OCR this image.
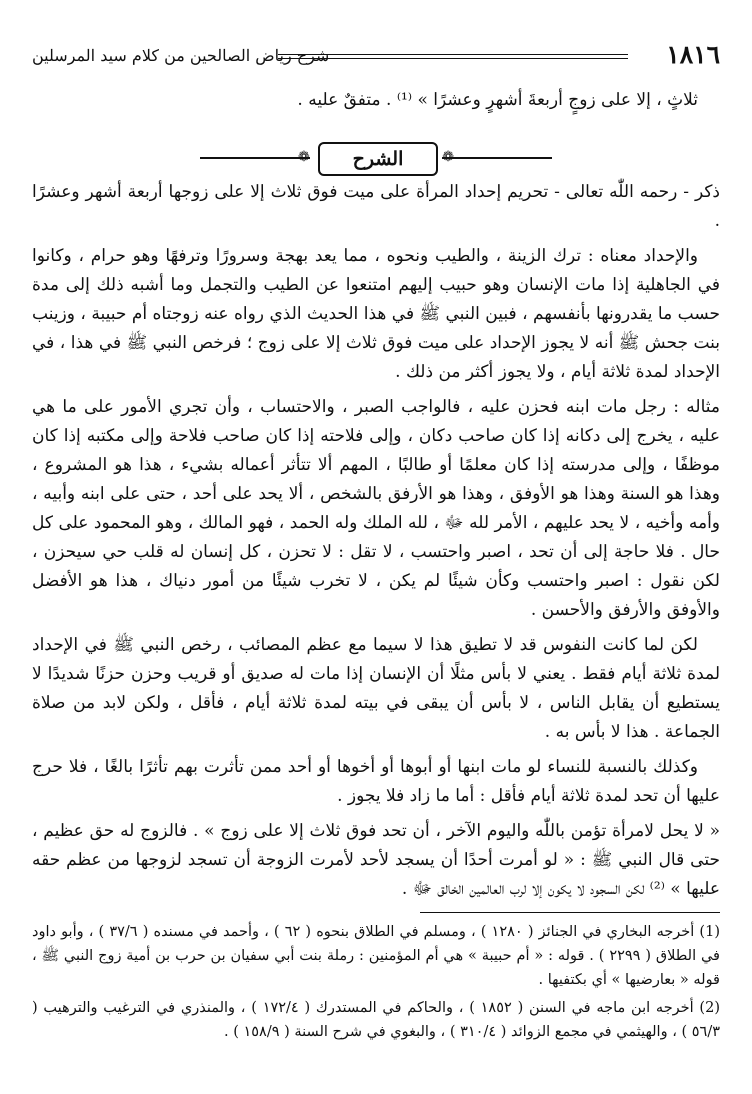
١٨١٦
شرح رياض الصالحين من كلام سيد المرسلين

ثلاثٍ ، إلا على زوجٍ أربعةَ أشهرٍ وعشرًا » ⁽¹⁾ . متفقٌ عليه .

❁	الشرح	❁

ذكر - رحمه اللّٰه تعالى - تحريم إحداد المرأة على ميت فوق ثلاث إلا على زوجها أربعة أشهر وعشرًا .

والإحداد معناه : ترك الزينة ، والطيب ونحوه ، مما يعد بهجة وسرورًا وترفهًا وهو حرام ، وكانوا في الجاهلية إذا مات الإنسان وهو حبيب إليهم امتنعوا عن الطيب والتجمل وما أشبه ذلك إلى مدة حسب ما يقدرونها بأنفسهم ، فبين النبي ﷺ في هذا الحديث الذي رواه عنه زوجتاه أم حبيبة ، وزينب بنت جحش ﷺ أنه لا يجوز الإحداد على ميت فوق ثلاث إلا على زوج ؛ فرخص النبي ﷺ في هذا ، في الإحداد لمدة ثلاثة أيام ، ولا يجوز أكثر من ذلك .

مثاله : رجل مات ابنه فحزن عليه ، فالواجب الصبر ، والاحتساب ، وأن تجري الأمور على ما هي عليه ، يخرج إلى دكانه إذا كان صاحب دكان ، وإلى فلاحته إذا كان صاحب فلاحة وإلى مكتبه إذا كان موظفًا ، وإلى مدرسته إذا كان معلمًا أو طالبًا ، المهم ألا تتأثر أعماله بشيء ، هذا هو المشروع ، وهذا هو السنة وهذا هو الأوفق ، وهذا هو الأرفق بالشخص ، ألا يحد على أحد ، حتى على ابنه وأبيه ، وأمه وأخيه ، لا يحد عليهم ، الأمر لله ﷻ ، لله الملك وله الحمد ، فهو المالك ، وهو المحمود على كل حال . فلا حاجة إلى أن تحد ، اصبر واحتسب ، لا تقل : لا تحزن ، كل إنسان له قلب حي سيحزن ، لكن نقول : اصبر واحتسب وكأن شيئًا لم يكن ، لا تخرب شيئًا من أمور دنياك ، هذا هو الأفضل والأوفق والأرفق والأحسن .

لكن لما كانت النفوس قد لا تطيق هذا لا سيما مع عظم المصائب ، رخص النبي ﷺ في الإحداد لمدة ثلاثة أيام فقط . يعني لا بأس مثلًا أن الإنسان إذا مات له صديق أو قريب وحزن حزنًا شديدًا لا يستطيع أن يقابل الناس ، لا بأس أن يبقى في بيته لمدة ثلاثة أيام ، فأقل ، ولكن لابد من صلاة الجماعة . هذا لا بأس به .

وكذلك بالنسبة للنساء لو مات ابنها أو أبوها أو أخوها أو أحد ممن تأثرت بهم تأثرًا بالغًا ، فلا حرج عليها أن تحد لمدة ثلاثة أيام فأقل : أما ما زاد فلا يجوز .

« لا يحل لامرأة تؤمن باللّٰه واليوم الآخر ، أن تحد فوق ثلاث إلا على زوج » . فالزوج له حق عظيم ، حتى قال النبي ﷺ : « لو أمرت أحدًا أن يسجد لأحد لأمرت الزوجة أن تسجد لزوجها من عظم حقه عليها » ⁽²⁾ لكن السجود لا يكون إلا لرب العالمين الخالق ﷻ .

(1) أخرجه البخاري في الجنائز ( ١٢٨٠ ) ، ومسلم في الطلاق بنحوه ( ٦٢ ) ، وأحمد في مسنده ( ٣٧/٦ ) ، وأبو داود في الطلاق ( ٢٢٩٩ ) . قوله : « أم حبيبة » هي أم المؤمنين : رملة بنت أبي سفيان بن حرب بن أمية زوج النبي ﷺ ، قوله « بعارضيها » أي بكتفيها .

(2) أخرجه ابن ماجه في السنن ( ١٨٥٢ ) ، والحاكم في المستدرك ( ١٧٢/٤ ) ، والمنذري في الترغيب والترهيب ( ٥٦/٣ ) ، والهيثمي في مجمع الزوائد ( ٣١٠/٤ ) ، والبغوي في شرح السنة ( ١٥٨/٩ ) .
